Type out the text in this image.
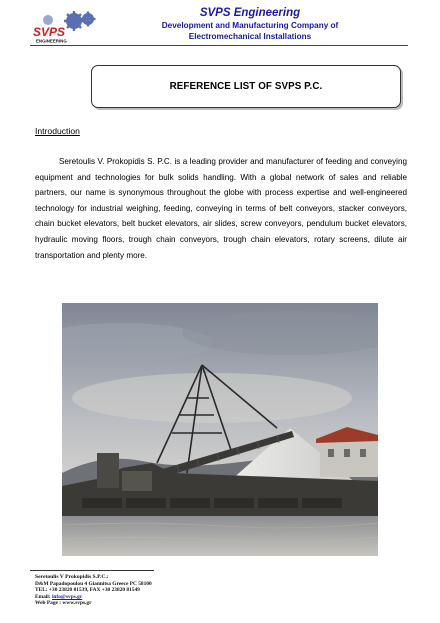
SVPS
ENGINEERING
SVPS Engineering
Development and Manufacturing Company of
Electromechanical Installations
REFERENCE LIST OF SVPS P.C.
Introduction

Seretoulis V. Prokopidis S. P.C. is a leading provider and manufacturer of feeding and conveying equipment and technologies for bulk solids handling. With a global network of sales and reliable partners, our name is synonymous throughout the globe with process expertise and well-engineered technology for industrial weighing, feeding, conveying in terms of belt conveyors, stacker conveyors, chain bucket elevators, belt bucket elevators, air slides, screw conveyors, pendulum bucket elevators, hydraulic moving floors, trough chain conveyors, trough chain elevators, rotary screens, dilute air transportation and plenty more.

Seretoulis V Prokopidis S.P.C.:
D&M Papadopoulou 4 Giannitsa Greece PC 58100
TEL: +30 23820 81539, FAX +30 23820 81549
Email: info@svps.gr
Web Page : www.svps.gr
